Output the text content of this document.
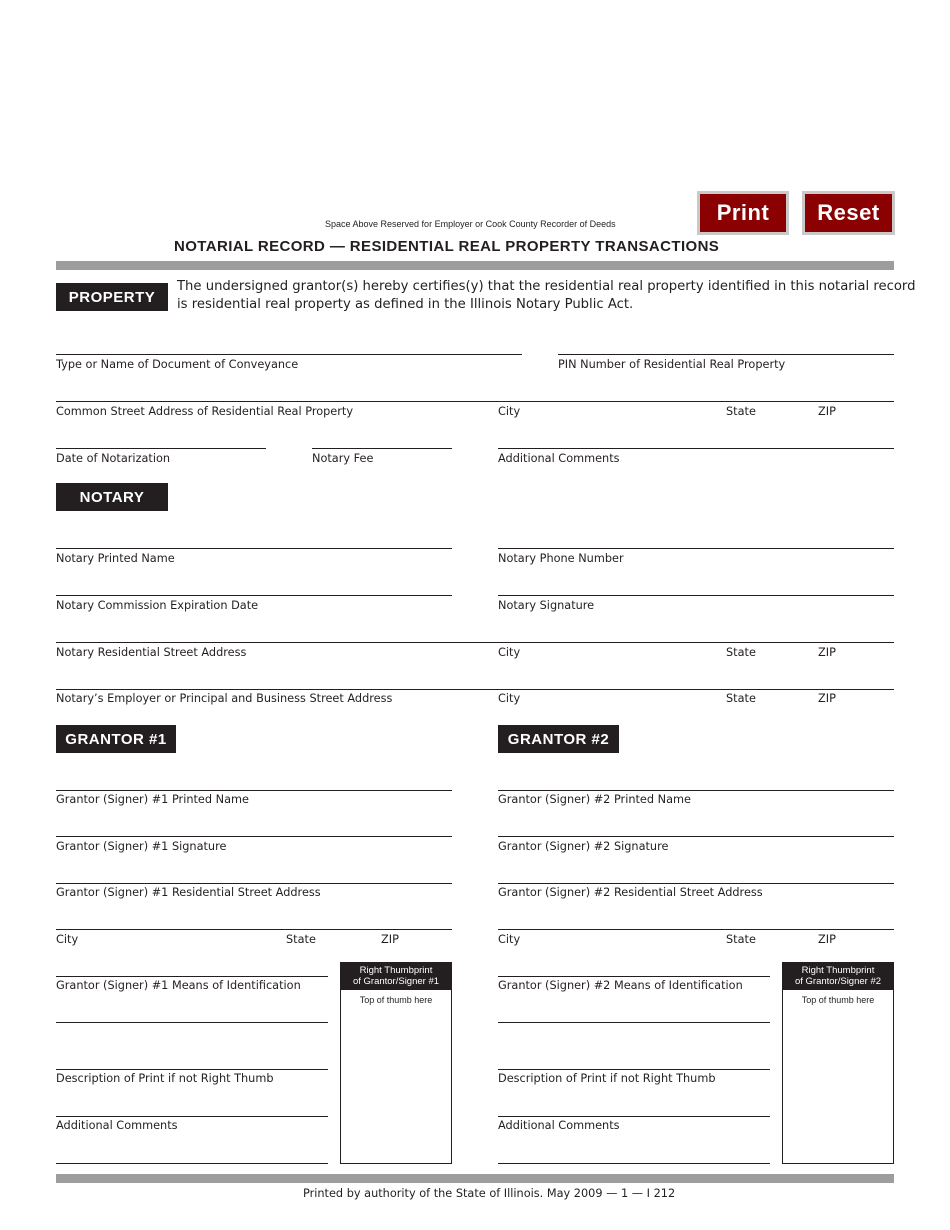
Space Above Reserved for Employer or Cook County Recorder of Deeds	Print	Reset
NOTARIAL RECORD — RESIDENTIAL REAL PROPERTY TRANSACTIONS
PROPERTY
The undersigned grantor(s) hereby certifies(y) that the residential real property identified in this notarial record
is residential real property as defined in the Illinois Notary Public Act.
Type or Name of Document of Conveyance	PIN Number of Residential Real Property
Common Street Address of Residential Real Property	City	State	ZIP
Date of Notarization	Notary Fee	Additional Comments
NOTARY
Notary Printed Name	Notary Phone Number
Notary Commission Expiration Date	Notary Signature
Notary Residential Street Address	City	State	ZIP
Notary’s Employer or Principal and Business Street Address	City	State	ZIP
GRANTOR #1
Grantor (Signer) #1 Printed Name
Grantor (Signer) #1 Signature
Grantor (Signer) #1 Residential Street Address
City	State	ZIP
Grantor (Signer) #1 Means of Identification
Description of Print if not Right Thumb
Additional Comments
Right Thumbprint
of Grantor/Signer #1
Top of thumb here
GRANTOR #2
Grantor (Signer) #2 Printed Name
Grantor (Signer) #2 Signature
Grantor (Signer) #2 Residential Street Address
City	State	ZIP
Grantor (Signer) #2 Means of Identification
Description of Print if not Right Thumb
Additional Comments
Right Thumbprint
of Grantor/Signer #2
Top of thumb here
Printed by authority of the State of Illinois. May 2009 — 1 — I 212
